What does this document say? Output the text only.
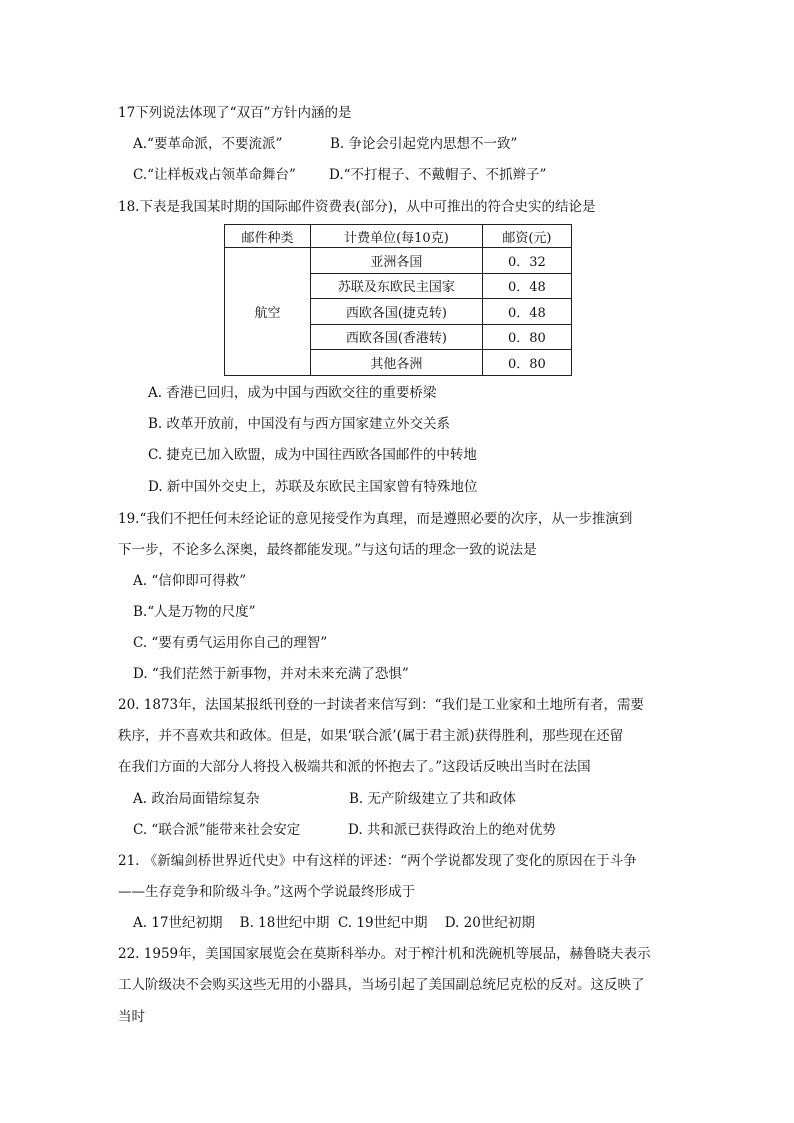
17下列说法体现了“双百”方针内涵的是
A.“要革命派，不要流派”	B. 争论会引起党内思想不一致”
C.“让样板戏占领革命舞台” D.“不打棍子、不戴帽子、不抓辫子”
18.下表是我国某时期的国际邮件资费表(部分)，从中可推出的符合史实的结论是
邮件种类	计费单位(每10克)	邮资(元)
航空	亚洲各国	0．32
	苏联及东欧民主国家	0．48
	西欧各国(捷克转)	0．48
	西欧各国(香港转)	0．80
	其他各洲	0．80
A. 香港已回归，成为中国与西欧交往的重要桥梁
B. 改革开放前，中国没有与西方国家建立外交关系
C. 捷克已加入欧盟，成为中国往西欧各国邮件的中转地
D. 新中国外交史上，苏联及东欧民主国家曾有特殊地位
19.“我们不把任何未经论证的意见接受作为真理，而是遵照必要的次序，从一步推演到
下一步，不论多么深奥，最终都能发现。”与这句话的理念一致的说法是
A. “信仰即可得救”
B.“人是万物的尺度”
C. “要有勇气运用你自己的理智”
D. “我们茫然于新事物，并对未来充满了恐惧”
20. 1873年，法国某报纸刊登的一封读者来信写到：“我们是工业家和土地所有者，需要
秩序，并不喜欢共和政体。但是，如果‘联合派’(属于君主派)获得胜利，那些现在还留
在我们方面的大部分人将投入极端共和派的怀抱去了。”这段话反映出当时在法国
A. 政治局面错综复杂	B. 无产阶级建立了共和政体
C. “联合派”能带来社会安定	D. 共和派已获得政治上的绝对优势
21. 《新编剑桥世界近代史》中有这样的评述：“两个学说都发现了变化的原因在于斗争
——生存竞争和阶级斗争。”这两个学说最终形成于
A. 17世纪初期    B. 18世纪中期  C. 19世纪中期    D. 20世纪初期
22. 1959年，美国国家展览会在莫斯科举办。对于榨汁机和洗碗机等展品，赫鲁晓夫表示
工人阶级决不会购买这些无用的小器具，当场引起了美国副总统尼克松的反对。这反映了
当时
